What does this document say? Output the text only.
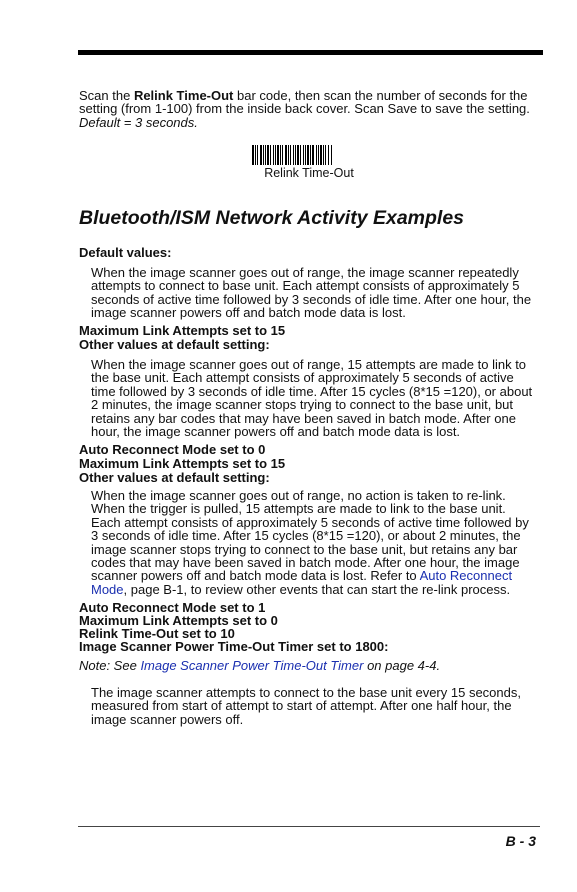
Scan the Relink Time-Out bar code, then scan the number of seconds for the setting (from 1-100) from the inside back cover. Scan Save to save the setting.
Default = 3 seconds.
Relink Time-Out
Bluetooth/ISM Network Activity Examples
Default values:
When the image scanner goes out of range, the image scanner repeatedly attempts to connect to base unit. Each attempt consists of approximately 5 seconds of active time followed by 3 seconds of idle time. After one hour, the image scanner powers off and batch mode data is lost.
Maximum Link Attempts set to 15
Other values at default setting:
When the image scanner goes out of range, 15 attempts are made to link to the base unit. Each attempt consists of approximately 5 seconds of active time followed by 3 seconds of idle time. After 15 cycles (8*15 =120), or about 2 minutes, the image scanner stops trying to connect to the base unit, but retains any bar codes that may have been saved in batch mode. After one hour, the image scanner powers off and batch mode data is lost.
Auto Reconnect Mode set to 0
Maximum Link Attempts set to 15
Other values at default setting:
When the image scanner goes out of range, no action is taken to re-link. When the trigger is pulled, 15 attempts are made to link to the base unit. Each attempt consists of approximately 5 seconds of active time followed by 3 seconds of idle time. After 15 cycles (8*15 =120), or about 2 minutes, the image scanner stops trying to connect to the base unit, but retains any bar codes that may have been saved in batch mode. After one hour, the image scanner powers off and batch mode data is lost. Refer to Auto Reconnect Mode, page B-1, to review other events that can start the re-link process.
Auto Reconnect Mode set to 1
Maximum Link Attempts set to 0
Relink Time-Out set to 10
Image Scanner Power Time-Out Timer set to 1800:
Note: See Image Scanner Power Time-Out Timer on page 4-4.
The image scanner attempts to connect to the base unit every 15 seconds, measured from start of attempt to start of attempt. After one half hour, the image scanner powers off.
B - 3
